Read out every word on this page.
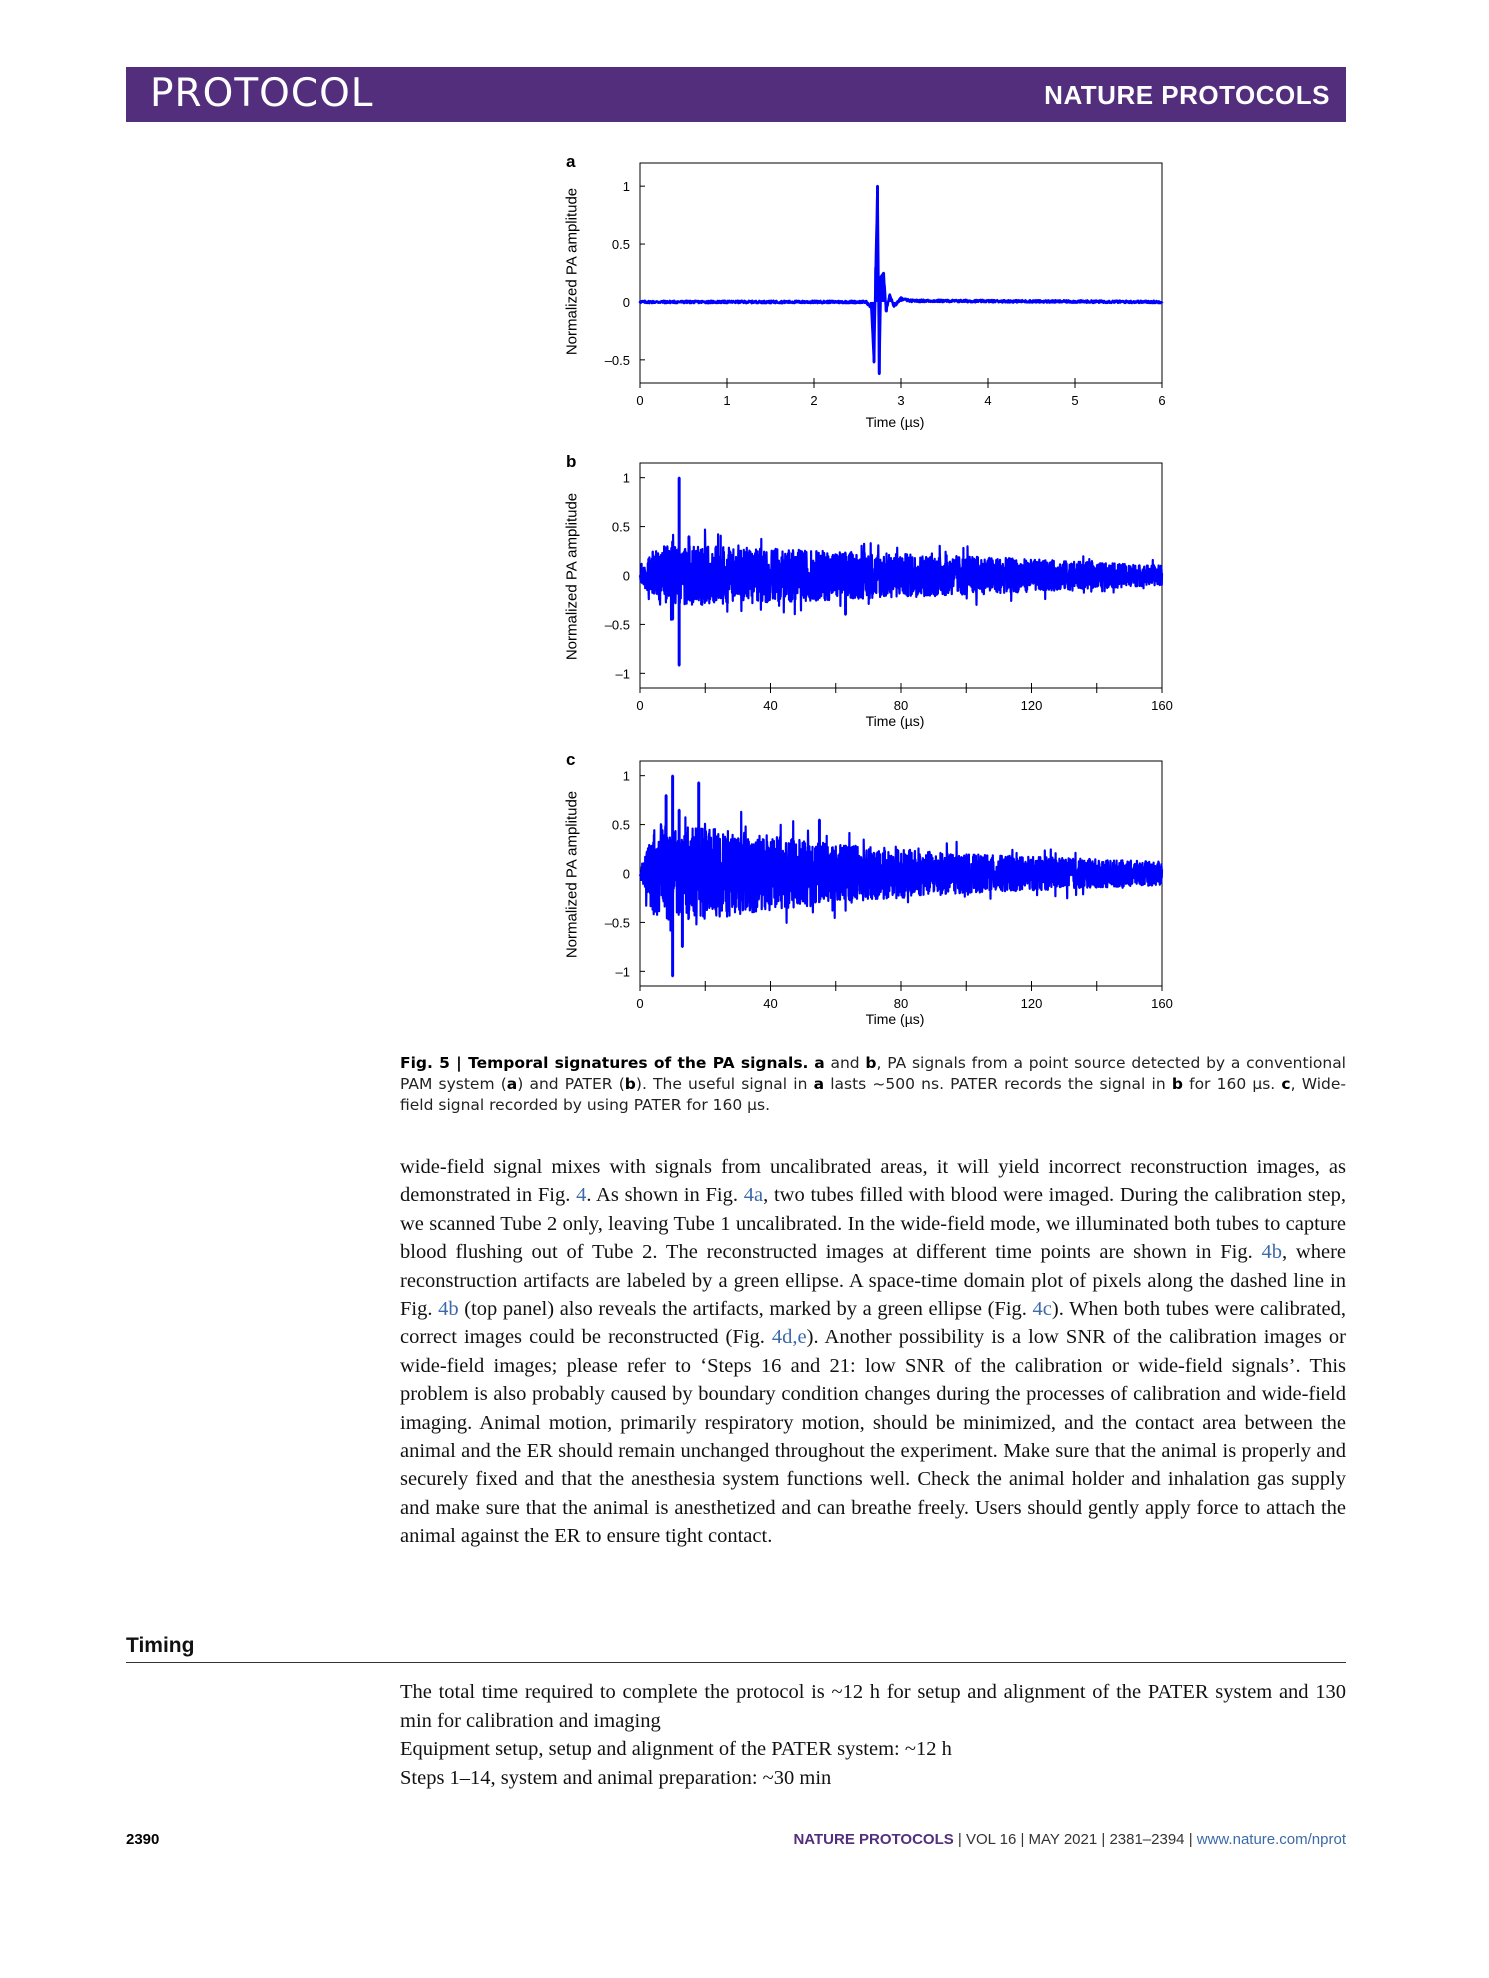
PROTOCOL	NATURE PROTOCOLS
a
Normalized PA amplitude
–0.5
0
0.5
1
0	1	2	3	4	5	6
Time (µs)
b
Normalized PA amplitude
–1
–0.5
0
0.5
1
0	40	80	120	160
Time (µs)
c
Normalized PA amplitude
–1
–0.5
0
0.5
1
0	40	80	120	160
Time (µs)
Fig. 5 | Temporal signatures of the PA signals. a and b, PA signals from a point source detected by a conventional PAM system (a) and PATER (b). The useful signal in a lasts ~500 ns. PATER records the signal in b for 160 µs. c, Wide-field signal recorded by using PATER for 160 µs.
wide-field signal mixes with signals from uncalibrated areas, it will yield incorrect reconstruction images, as demonstrated in Fig. 4. As shown in Fig. 4a, two tubes filled with blood were imaged. During the calibration step, we scanned Tube 2 only, leaving Tube 1 uncalibrated. In the wide-field mode, we illuminated both tubes to capture blood flushing out of Tube 2. The reconstructed images at different time points are shown in Fig. 4b, where reconstruction artifacts are labeled by a green ellipse. A space-time domain plot of pixels along the dashed line in Fig. 4b (top panel) also reveals the artifacts, marked by a green ellipse (Fig. 4c). When both tubes were calibrated, correct images could be reconstructed (Fig. 4d,e). Another possibility is a low SNR of the calibration images or wide-field images; please refer to ‘Steps 16 and 21: low SNR of the calibration or wide-field signals’. This problem is also probably caused by boundary condition changes during the processes of calibration and wide-field imaging. Animal motion, primarily respiratory motion, should be minimized, and the contact area between the animal and the ER should remain unchanged throughout the experiment. Make sure that the animal is properly and securely fixed and that the anesthesia system functions well. Check the animal holder and inhalation gas supply and make sure that the animal is anesthetized and can breathe freely. Users should gently apply force to attach the animal against the ER to ensure tight contact.
Timing

The total time required to complete the protocol is ~12 h for setup and alignment of the PATER system and 130 min for calibration and imaging

Equipment setup, setup and alignment of the PATER system: ~12 h

Steps 1–14, system and animal preparation: ~30 min

2390	NATURE PROTOCOLS | VOL 16 | MAY 2021 | 2381–2394 | www.nature.com/nprot
